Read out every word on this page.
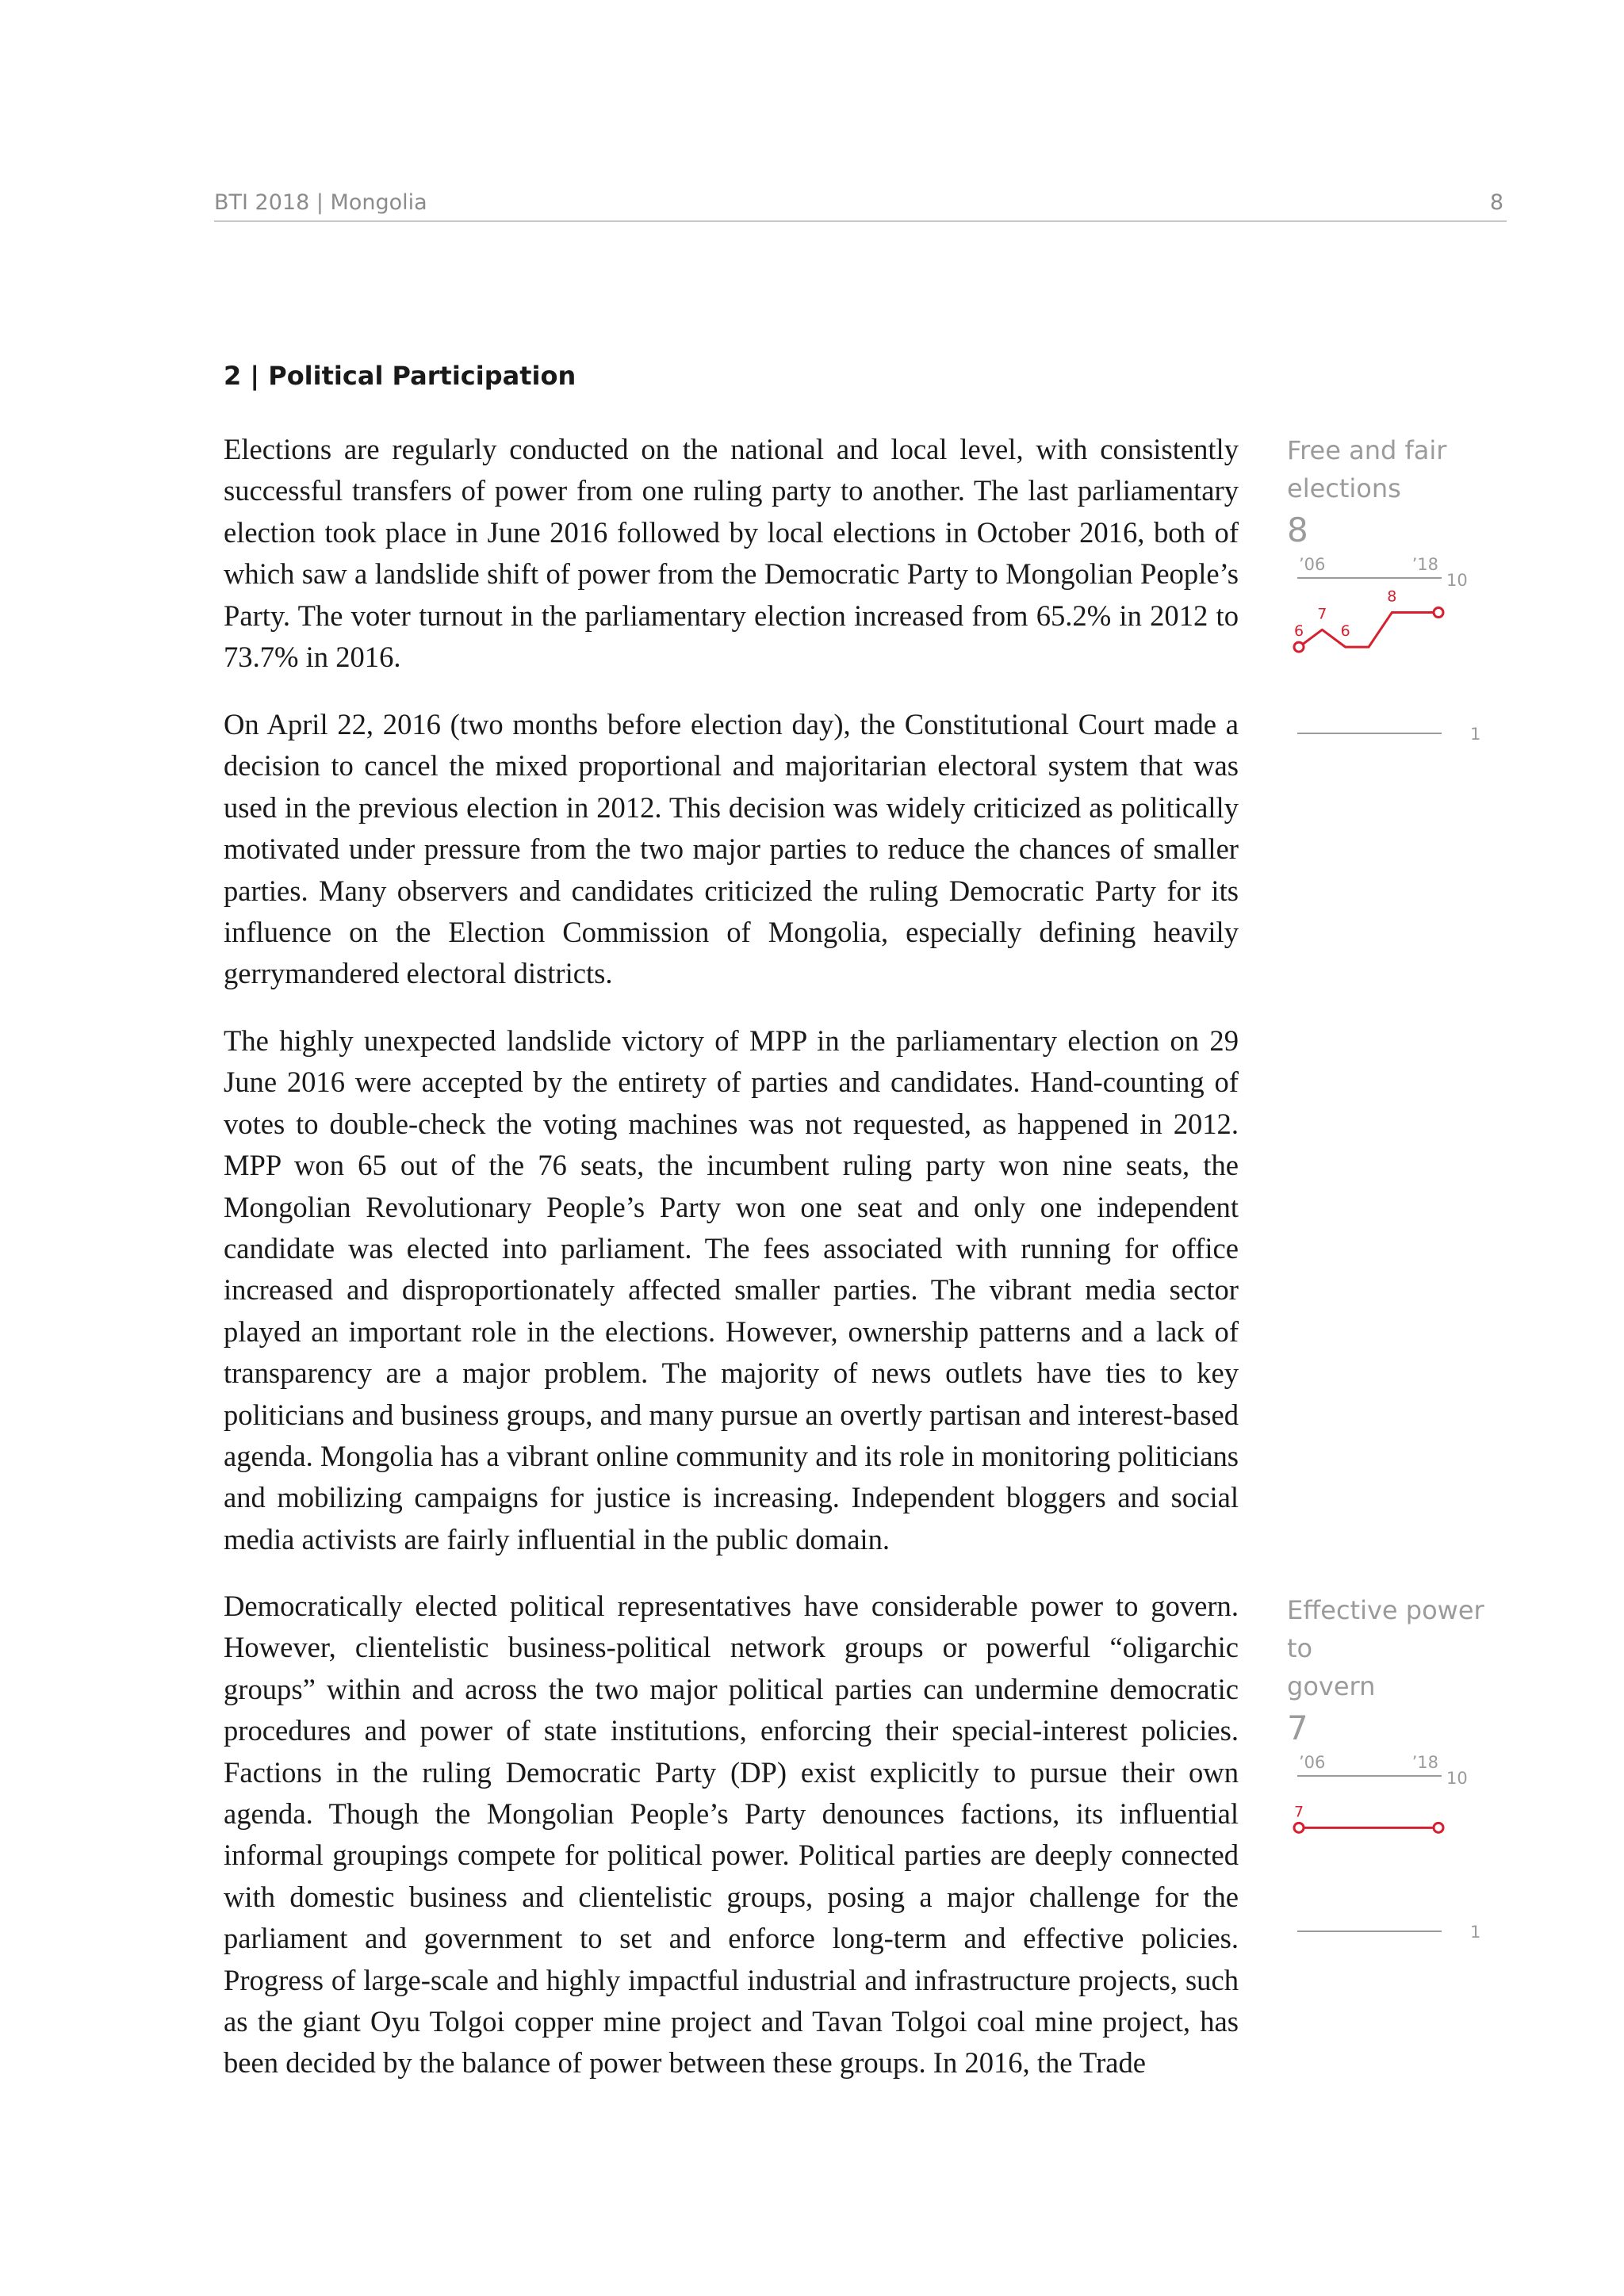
BTI 2018 | Mongolia	8
2 | Political Participation

Elections are regularly conducted on the national and local level, with consistently successful transfers of power from one ruling party to another. The last parliamentary election took place in June 2016 followed by local elections in October 2016, both of which saw a landslide shift of power from the Democratic Party to Mongolian People’s Party. The voter turnout in the parliamentary election increased from 65.2% in 2012 to 73.7% in 2016.

On April 22, 2016 (two months before election day), the Constitutional Court made a decision to cancel the mixed proportional and majoritarian electoral system that was used in the previous election in 2012. This decision was widely criticized as politically motivated under pressure from the two major parties to reduce the chances of smaller parties. Many observers and candidates criticized the ruling Democratic Party for its influence on the Election Commission of Mongolia, especially defining heavily gerrymandered electoral districts.

The highly unexpected landslide victory of MPP in the parliamentary election on 29 June 2016 were accepted by the entirety of parties and candidates. Hand-counting of votes to double-check the voting machines was not requested, as happened in 2012. MPP won 65 out of the 76 seats, the incumbent ruling party won nine seats, the Mongolian Revolutionary People’s Party won one seat and only one independent candidate was elected into parliament. The fees associated with running for office increased and disproportionately affected smaller parties. The vibrant media sector played an important role in the elections. However, ownership patterns and a lack of transparency are a major problem. The majority of news outlets have ties to key politicians and business groups, and many pursue an overtly partisan and interest-based agenda. Mongolia has a vibrant online community and its role in monitoring politicians and mobilizing campaigns for justice is increasing. Independent bloggers and social media activists are fairly influential in the public domain.

Democratically elected political representatives have considerable power to govern. However, clientelistic business-political network groups or powerful “oligarchic groups” within and across the two major political parties can undermine democratic procedures and power of state institutions, enforcing their special-interest policies. Factions in the ruling Democratic Party (DP) exist explicitly to pursue their own agenda. Though the Mongolian People’s Party denounces factions, its influential informal groupings compete for political power. Political parties are deeply connected with domestic business and clientelistic groups, posing a major challenge for the parliament and government to set and enforce long-term and effective policies. Progress of large-scale and highly impactful industrial and infrastructure projects, such as the giant Oyu Tolgoi copper mine project and Tavan Tolgoi coal mine project, has been decided by the balance of power between these groups. In 2016, the Trade

Free and fair
elections
8
’06	’18
10
1
6
7
6
8
Effective power to
govern
7
’06	’18
10
1
7
